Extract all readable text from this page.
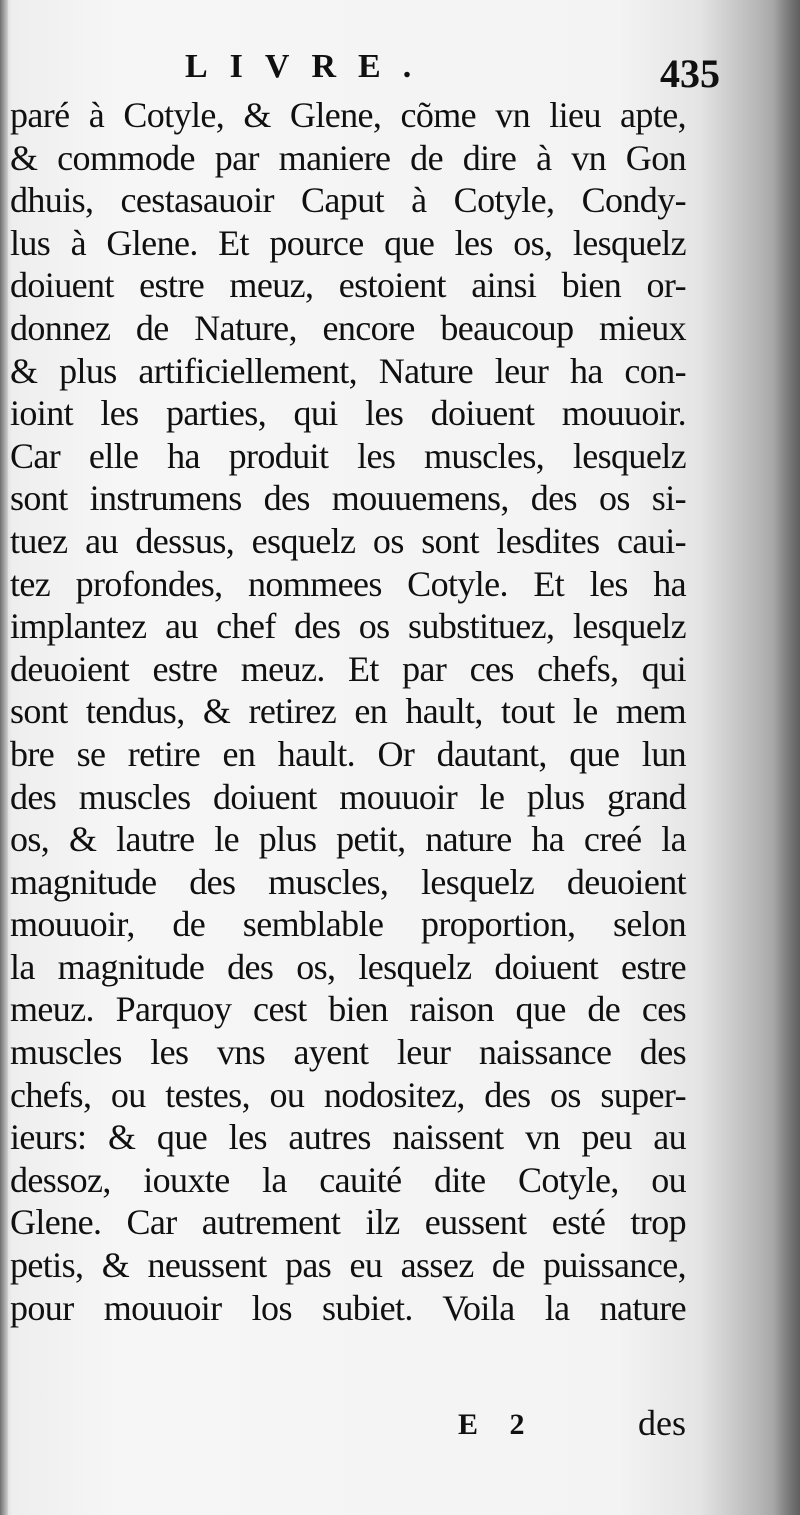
LIVRE.	435
paré à Cotyle, & Glene, cõme vn lieu apte,
& commode par maniere de dire à vn Gon
dhuis, cestasauoir Caput à Cotyle, Condy-
lus à Glene. Et pource que les os, lesquelz
doiuent estre meuz, estoient ainsi bien or-
donnez de Nature, encore beaucoup mieux
& plus artificiellement, Nature leur ha con-
ioint les parties, qui les doiuent mouuoir.
Car elle ha produit les muscles, lesquelz
sont instrumens des mouuemens, des os si-
tuez au dessus, esquelz os sont lesdites caui-
tez profondes, nommees Cotyle. Et les ha
implantez au chef des os substituez, lesquelz
deuoient estre meuz. Et par ces chefs, qui
sont tendus, & retirez en hault, tout le mem
bre se retire en hault. Or dautant, que lun
des muscles doiuent mouuoir le plus grand
os, & lautre le plus petit, nature ha creé la
magnitude des muscles, lesquelz deuoient
mouuoir, de semblable proportion, selon
la magnitude des os, lesquelz doiuent estre
meuz. Parquoy cest bien raison que de ces
muscles les vns ayent leur naissance des
chefs, ou testes, ou nodositez, des os super-
ieurs: & que les autres naissent vn peu au
dessoz, iouxte la cauité dite Cotyle, ou
Glene. Car autrement ilz eussent esté trop
petis, & neussent pas eu assez de puissance,
pour mouuoir los subiet. Voila la nature
E 2	des
